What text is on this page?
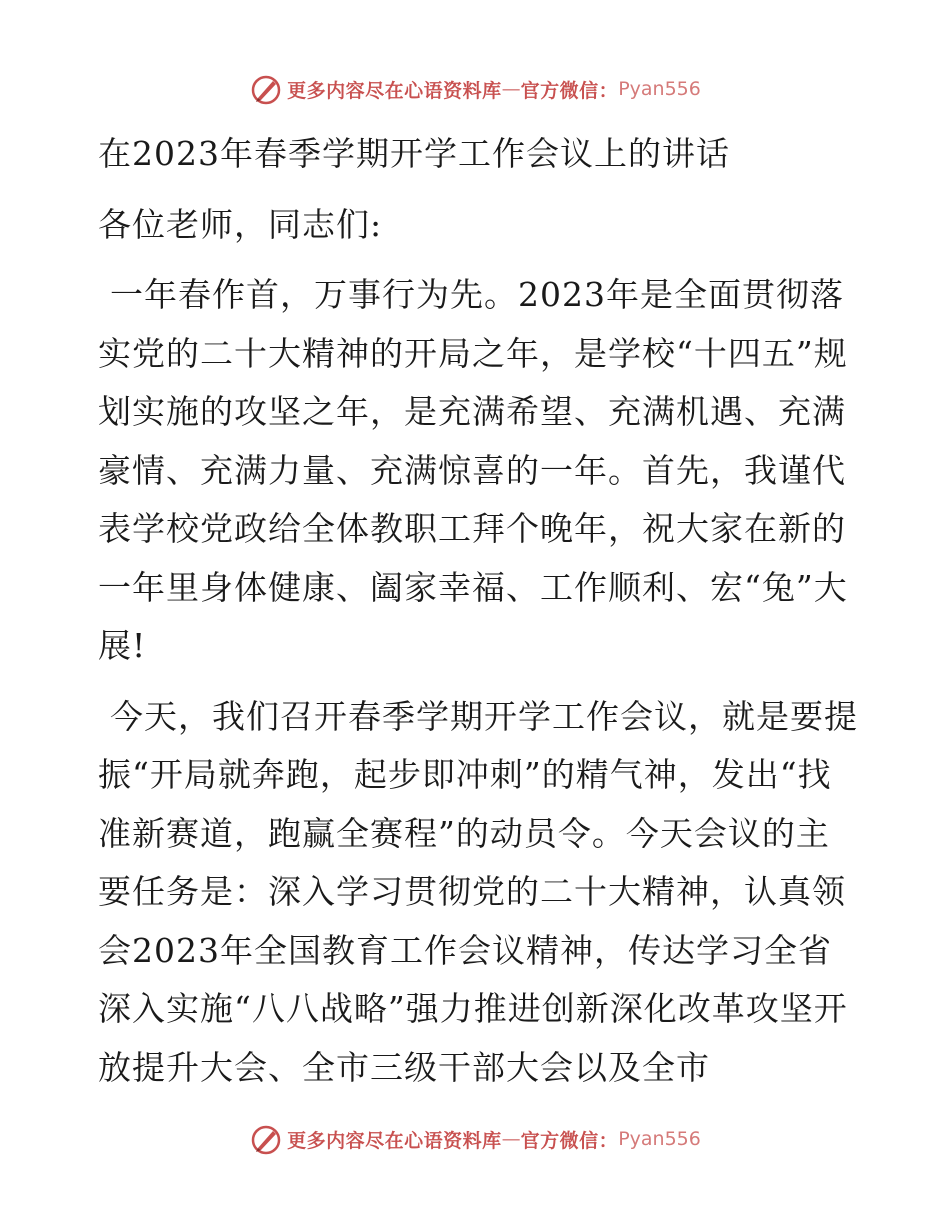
更多内容尽在心语资料库 — 官方微信： Pyan556

在2023年春季学期开学工作会议上的讲话

各位老师，同志们:

一年春作首，万事行为先。2023年是全面贯彻落实党的二十大精神的开局之年，是学校“十四五”规划实施的攻坚之年，是充满希望、充满机遇、充满豪情、充满力量、充满惊喜的一年。首先，我谨代表学校党政给全体教职工拜个晚年，祝大家在新的一年里身体健康、阖家幸福、工作顺利、宏“兔”大展!

今天，我们召开春季学期开学工作会议，就是要提振“开局就奔跑，起步即冲刺”的精气神，发出“找准新赛道，跑赢全赛程”的动员令。今天会议的主要任务是：深入学习贯彻党的二十大精神，认真领会2023年全国教育工作会议精神，传达学习全省深入实施“八八战略”强力推进创新深化改革攻坚开放提升大会、全市三级干部大会以及全市

更多内容尽在心语资料库 — 官方微信： Pyan556
